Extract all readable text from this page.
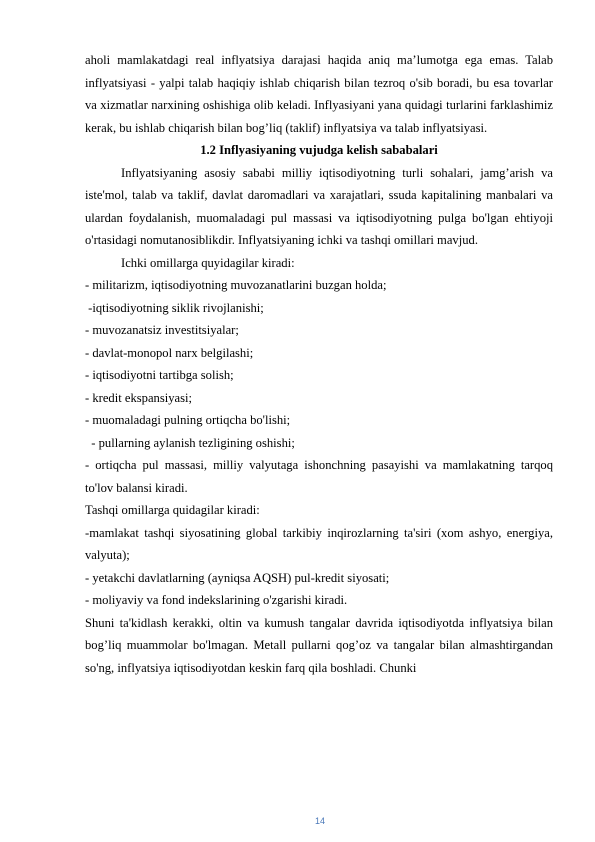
aholi mamlakatdagi real inflyatsiya darajasi haqida aniq ma’lumotga ega emas. Talab inflyatsiyasi - yalpi talab haqiqiy ishlab chiqarish bilan tezroq o'sib boradi, bu esa tovarlar va xizmatlar narxining oshishiga olib keladi. Inflyasiyani yana quidagi turlarini farklashimiz kerak, bu ishlab chiqarish bilan bog’liq (taklif) inflyatsiya va talab inflyatsiyasi.

1.2 Inflyasiyaning vujudga kelish sababalari

Inflyatsiyaning asosiy sababi milliy iqtisodiyotning turli sohalari, jamg’arish va iste'mol, talab va taklif, davlat daromadlari va xarajatlari, ssuda kapitalining manbalari va ulardan foydalanish, muomaladagi pul massasi va iqtisodiyotning pulga bo'lgan ehtiyoji o'rtasidagi nomutanosiblikdir. Inflyatsiyaning ichki va tashqi omillari mavjud.

Ichki omillarga quyidagilar kiradi:

- militarizm, iqtisodiyotning muvozanatlarini buzgan holda;

-iqtisodiyotning siklik rivojlanishi;

- muvozanatsiz investitsiyalar;

- davlat-monopol narx belgilashi;

- iqtisodiyotni tartibga solish;

- kredit ekspansiyasi;

- muomaladagi pulning ortiqcha bo'lishi;

- pullarning aylanish tezligining oshishi;

- ortiqcha pul massasi, milliy valyutaga ishonchning pasayishi va mamlakatning tarqoq to'lov balansi kiradi.

Tashqi omillarga quidagilar kiradi:

-mamlakat tashqi siyosatining global tarkibiy inqirozlarning ta'siri (xom ashyo, energiya, valyuta);

- yetakchi davlatlarning (ayniqsa AQSH) pul-kredit siyosati;

- moliyaviy va fond indekslarining o'zgarishi kiradi.

Shuni ta'kidlash kerakki, oltin va kumush tangalar davrida iqtisodiyotda inflyatsiya bilan bog’liq muammolar bo'lmagan. Metall pullarni qog’oz va tangalar bilan almashtirgandan so'ng, inflyatsiya iqtisodiyotdan keskin farq qila boshladi. Chunki

14
